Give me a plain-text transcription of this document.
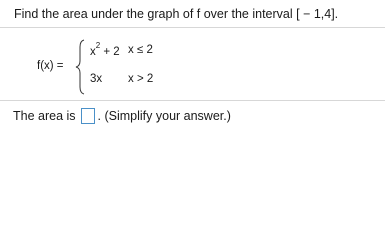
Find the area under the graph of f over the interval [ − 1,4].
f(x) =
$x^2 + 2$ x ≤ 2
3x x > 2
The area is . (Simplify your answer.)
